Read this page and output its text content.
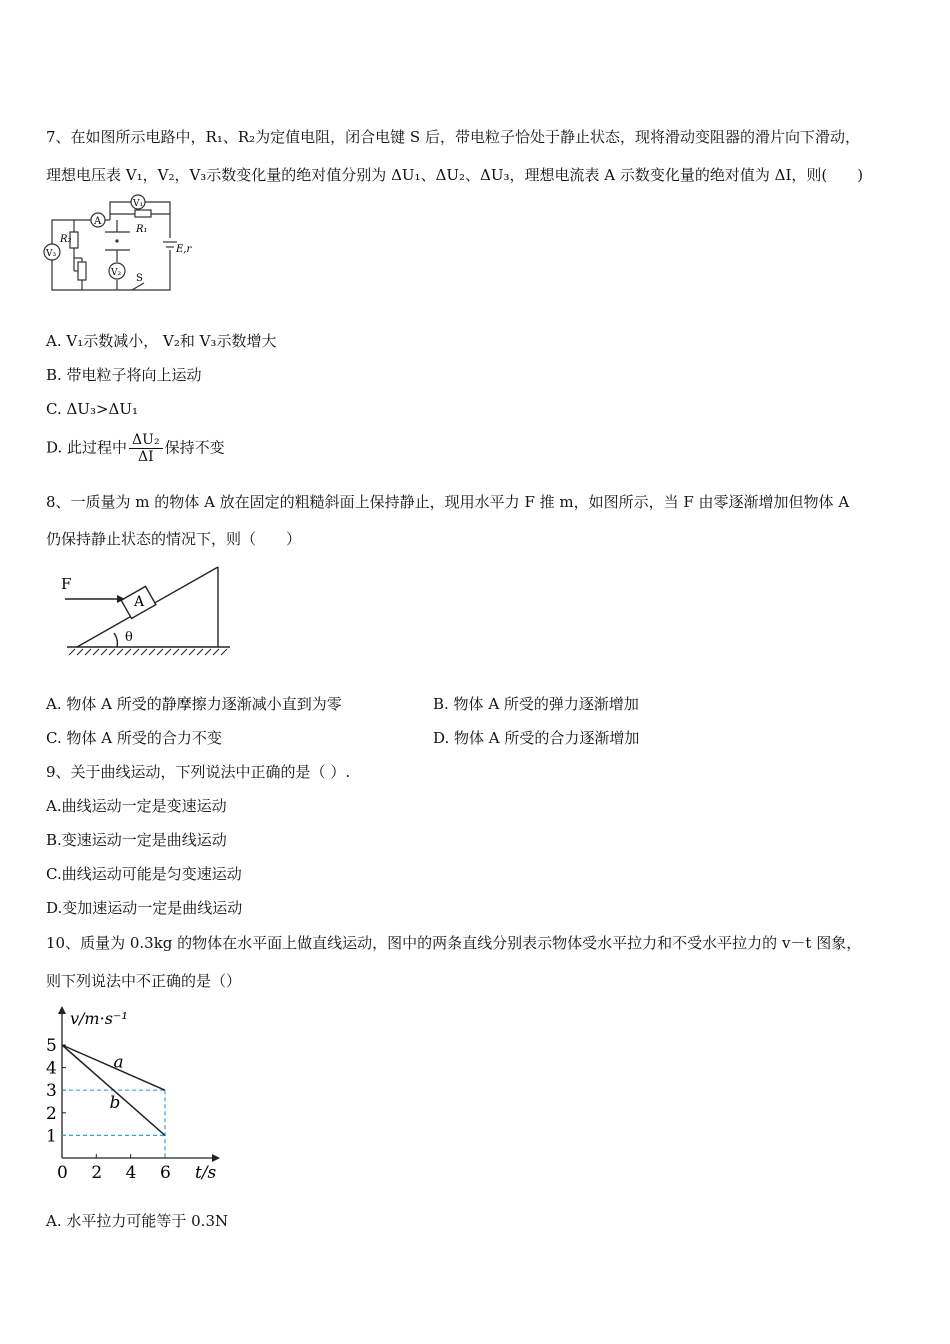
7、在如图所示电路中，R₁、R₂为定值电阻，闭合电键 S 后，带电粒子恰处于静止状态，现将滑动变阻器的滑片向下滑动，
理想电压表 V₁，V₂，V₃示数变化量的绝对值分别为 ΔU₁、ΔU₂、ΔU₃，理想电流表 A 示数变化量的绝对值为 ΔI，则(　　)
A
V₁
V₂
V₃
R₁
R₂
E,r
S
A. V₁示数减小， V₂和 V₃示数增大
B. 带电粒子将向上运动
C. ΔU₃>ΔU₁
D. 此过程中 $\frac{\text{ΔU₂}}{\Delta I}$ 保持不变
8、一质量为 m 的物体 A 放在固定的粗糙斜面上保持静止，现用水平力 F 推 m，如图所示，当 F 由零逐渐增加但物体 A
仍保持静止状态的情况下，则（　　）
F
A
θ
A. 物体 A 所受的静摩擦力逐渐减小直到为零	B. 物体 A 所受的弹力逐渐增加
C. 物体 A 所受的合力不变	D. 物体 A 所受的合力逐渐增加
9、关于曲线运动，下列说法中正确的是（ ）.
A.曲线运动一定是变速运动
B.变速运动一定是曲线运动
C.曲线运动可能是匀变速运动
D.变加速运动一定是曲线运动
10、质量为 0.3kg 的物体在水平面上做直线运动，图中的两条直线分别表示物体受水平拉力和不受水平拉力的 v－t 图象，
则下列说法中不正确的是（）
1
2
3
4
5
0 2 4 6
a
b
v/m·s⁻¹
t/s
A. 水平拉力可能等于 0.3N
